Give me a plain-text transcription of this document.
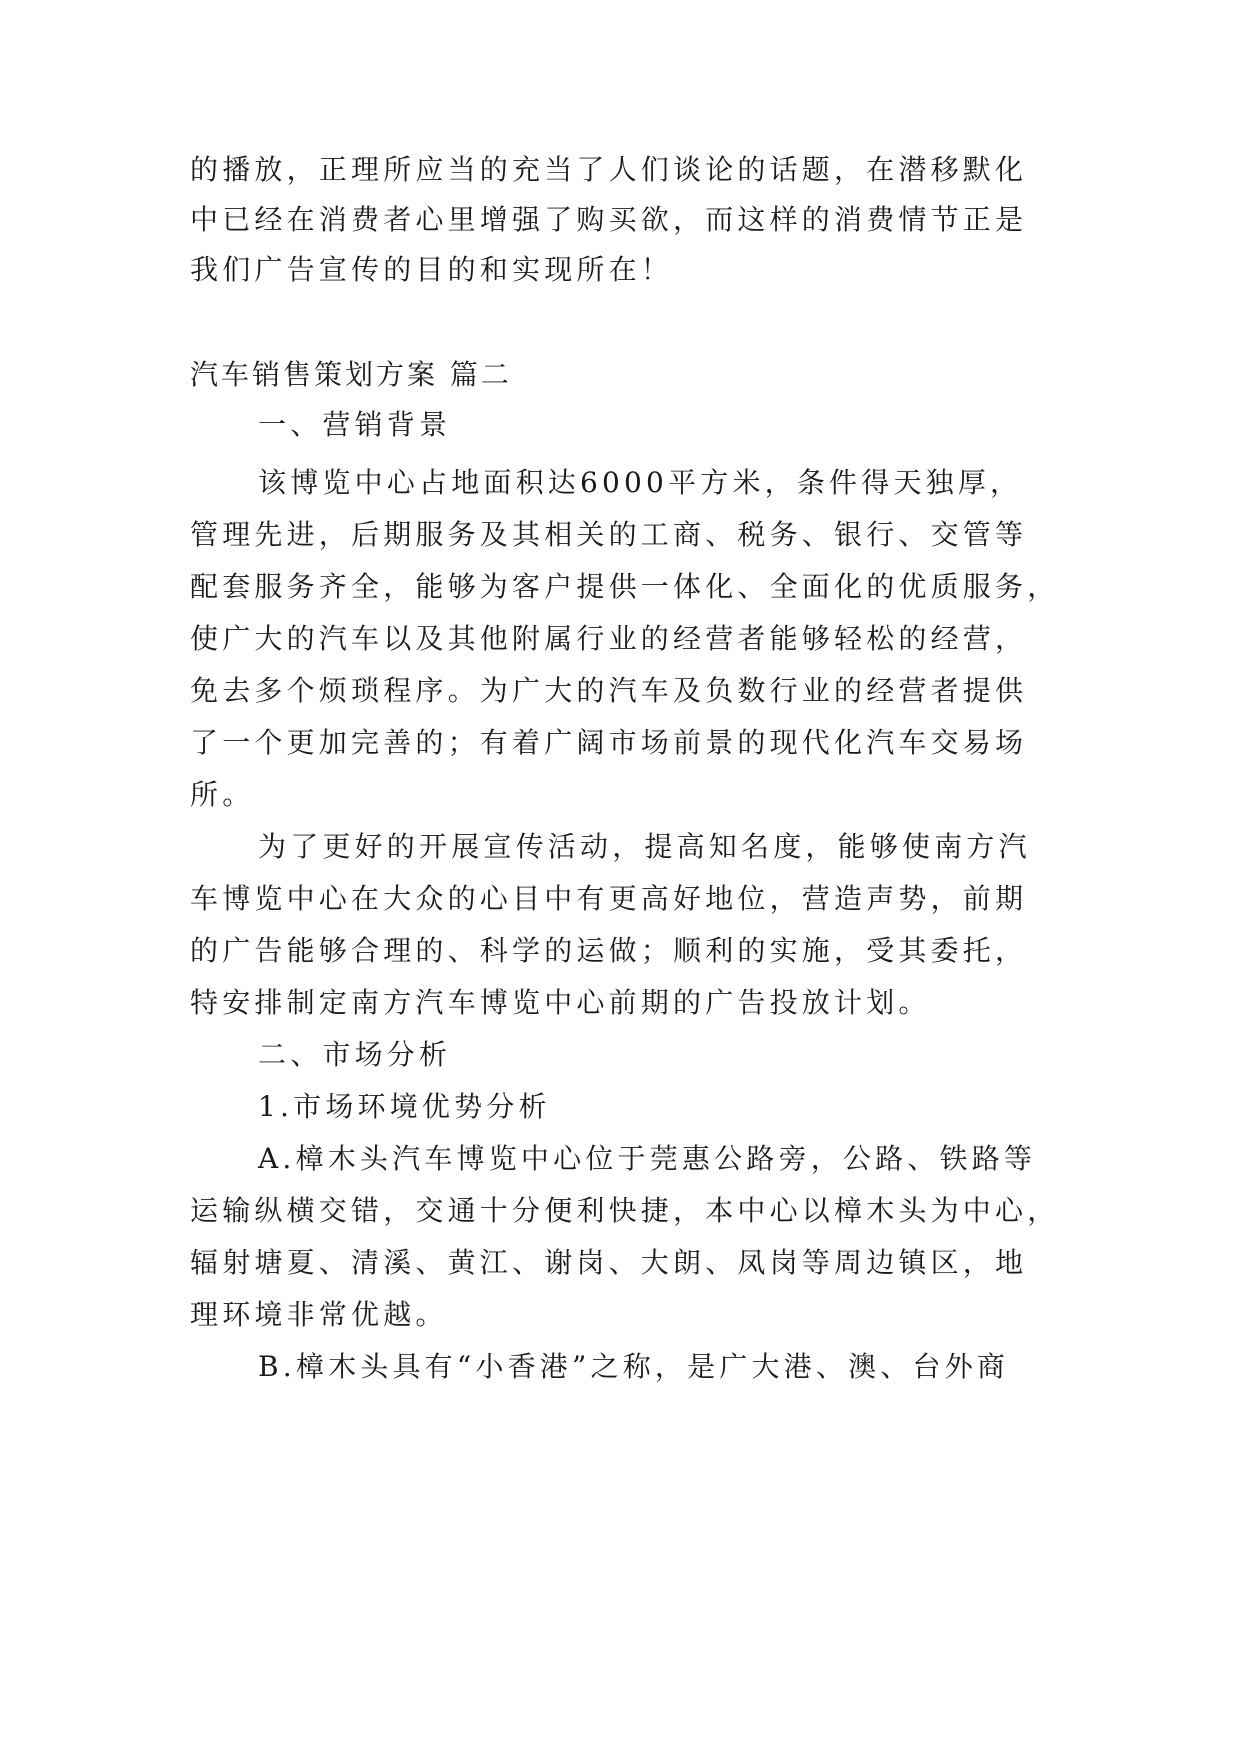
的播放，正理所应当的充当了人们谈论的话题，在潜移默化
中已经在消费者心里增强了购买欲，而这样的消费情节正是
我们广告宣传的目的和实现所在！
汽车销售策划方案 篇二
一、营销背景
该博览中心占地面积达6000平方米，条件得天独厚，
管理先进，后期服务及其相关的工商、税务、银行、交管等
配套服务齐全，能够为客户提供一体化、全面化的优质服务，
使广大的汽车以及其他附属行业的经营者能够轻松的经营，
免去多个烦琐程序。为广大的汽车及负数行业的经营者提供
了一个更加完善的；有着广阔市场前景的现代化汽车交易场
所。
为了更好的开展宣传活动，提高知名度，能够使南方汽
车博览中心在大众的心目中有更高好地位，营造声势，前期
的广告能够合理的、科学的运做；顺利的实施，受其委托，
特安排制定南方汽车博览中心前期的广告投放计划。
二、市场分析
1.市场环境优势分析
A.樟木头汽车博览中心位于莞惠公路旁，公路、铁路等
运输纵横交错，交通十分便利快捷，本中心以樟木头为中心，
辐射塘夏、清溪、黄江、谢岗、大朗、凤岗等周边镇区，地
理环境非常优越。
B.樟木头具有“小香港”之称，是广大港、澳、台外商
